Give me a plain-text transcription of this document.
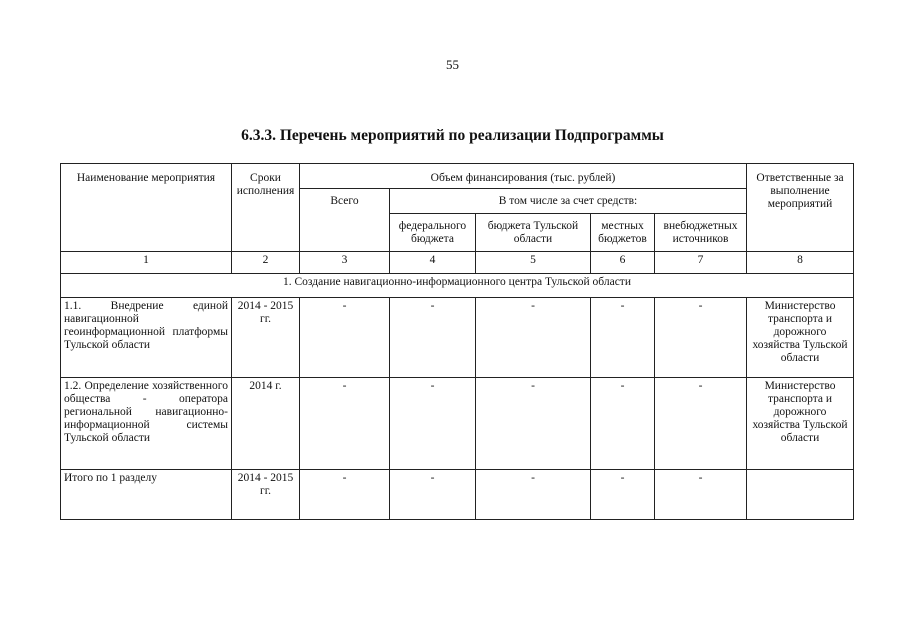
55
6.3.3. Перечень мероприятий по реализации Подпрограммы
Наименование мероприятия	Сроки исполнения	Объем финансирования (тыс. рублей)					Ответственные за выполнение мероприятий
		Всего	В том числе за счет средств:				
			федерального бюджета	бюджета Тульской области	местных бюджетов	внебюджетных источников	
1	2	3	4	5	6	7	8
1. Создание навигационно-информационного центра Тульской области							
1.1. Внедрение единой навигационной геоинформационной платформы Тульской области	2014 - 2015 гг.	-	-	-	-	-	Министерство транспорта и дорожного хозяйства Тульской области
1.2. Определение хозяйственного общества - оператора региональной навигационно-информационной системы Тульской области	2014 г.	-	-	-	-	-	Министерство транспорта и дорожного хозяйства Тульской области
Итого по 1 разделу	2014 - 2015 гг.	-	-	-	-	-	
